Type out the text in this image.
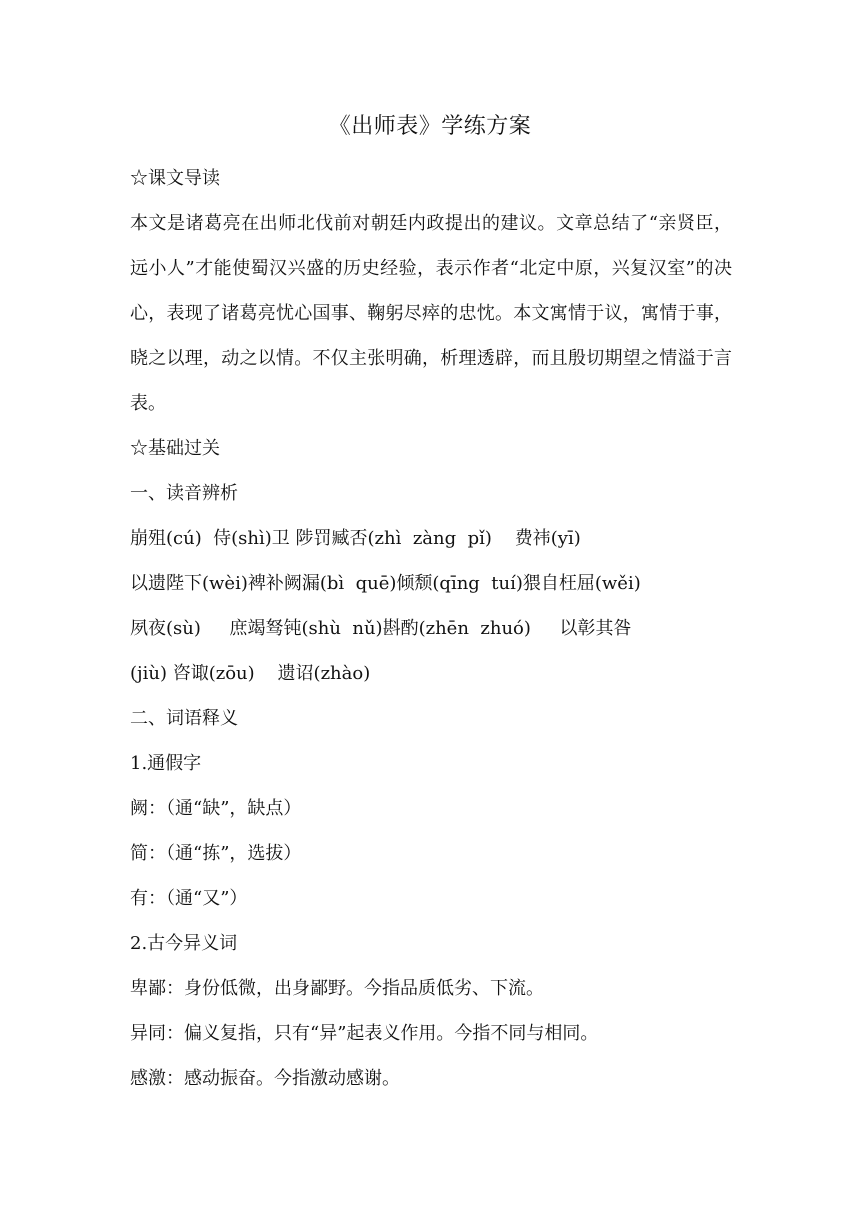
《出师表》学练方案
☆课文导读
本文是诸葛亮在出师北伐前对朝廷内政提出的建议。文章总结了“亲贤臣，远小人”才能使蜀汉兴盛的历史经验，表示作者“北定中原，兴复汉室”的决心，表现了诸葛亮忧心国事、鞠躬尽瘁的忠忱。本文寓情于议，寓情于事，晓之以理，动之以情。不仅主张明确，析理透辟，而且殷切期望之情溢于言表。
☆基础过关
一、读音辨析
崩殂(cú)  侍(shì)卫 陟罚臧否(zhì  zàng  pǐ)    费祎(yī)
以遗陛下(wèi)裨补阙漏(bì  quē)倾颓(qīng  tuí)猥自枉屈(wěi)
夙夜(sù)     庶竭驽钝(shù  nǔ)斟酌(zhēn  zhuó)     以彰其咎
(jiù) 咨诹(zōu)    遗诏(zhào)
二、词语释义
1.通假字
阙：（通“缺”，缺点）
简：（通“拣”，选拔）
有：（通“又”）
2.古今异义词
卑鄙：身份低微，出身鄙野。今指品质低劣、下流。
异同：偏义复指，只有“异”起表义作用。今指不同与相同。
感激：感动振奋。今指激动感谢。
